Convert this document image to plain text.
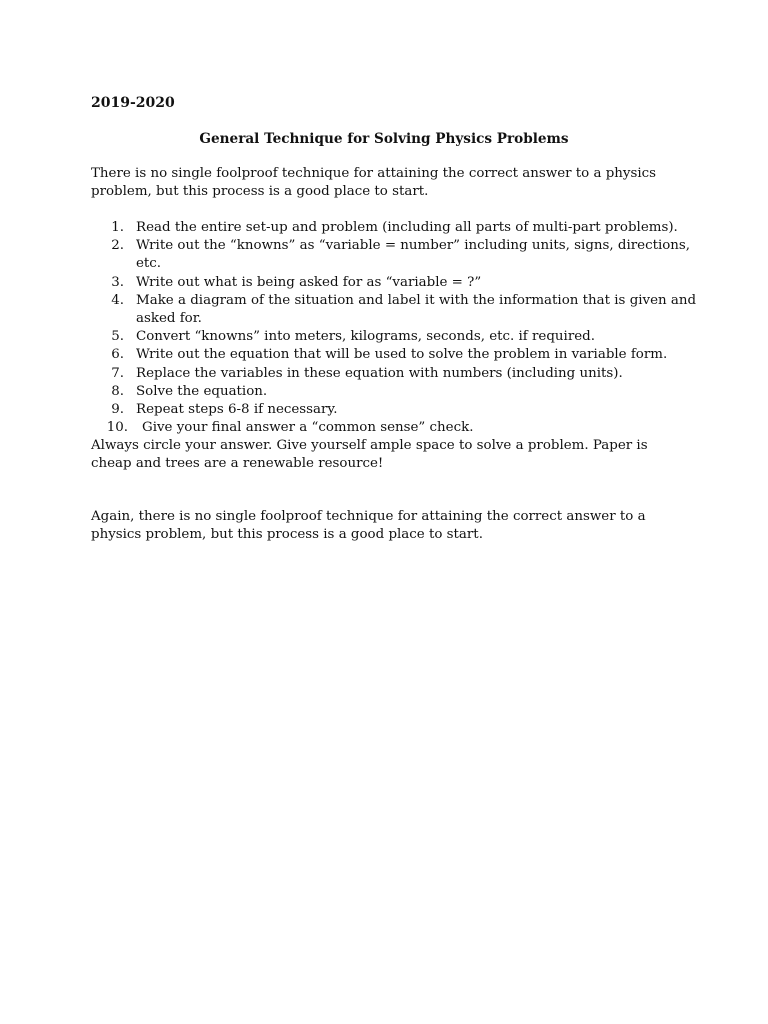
2019-2020
General Technique for Solving Physics Problems

There is no single foolproof technique for attaining the correct answer to a physics problem, but this process is a good place to start.

1. Read the entire set-up and problem (including all parts of multi-part problems).
2. Write out the “knowns” as “variable = number” including units, signs, directions, etc.
3. Write out what is being asked for as “variable = ?”
4. Make a diagram of the situation and label it with the information that is given and asked for.
5. Convert “knowns” into meters, kilograms, seconds, etc. if required.
6. Write out the equation that will be used to solve the problem in variable form.
7. Replace the variables in these equation with numbers (including units).
8. Solve the equation.
9. Repeat steps 6-8 if necessary.
10. Give your final answer a “common sense” check.

Always circle your answer. Give yourself ample space to solve a problem. Paper is cheap and trees are a renewable resource!

Again, there is no single foolproof technique for attaining the correct answer to a physics problem, but this process is a good place to start.
